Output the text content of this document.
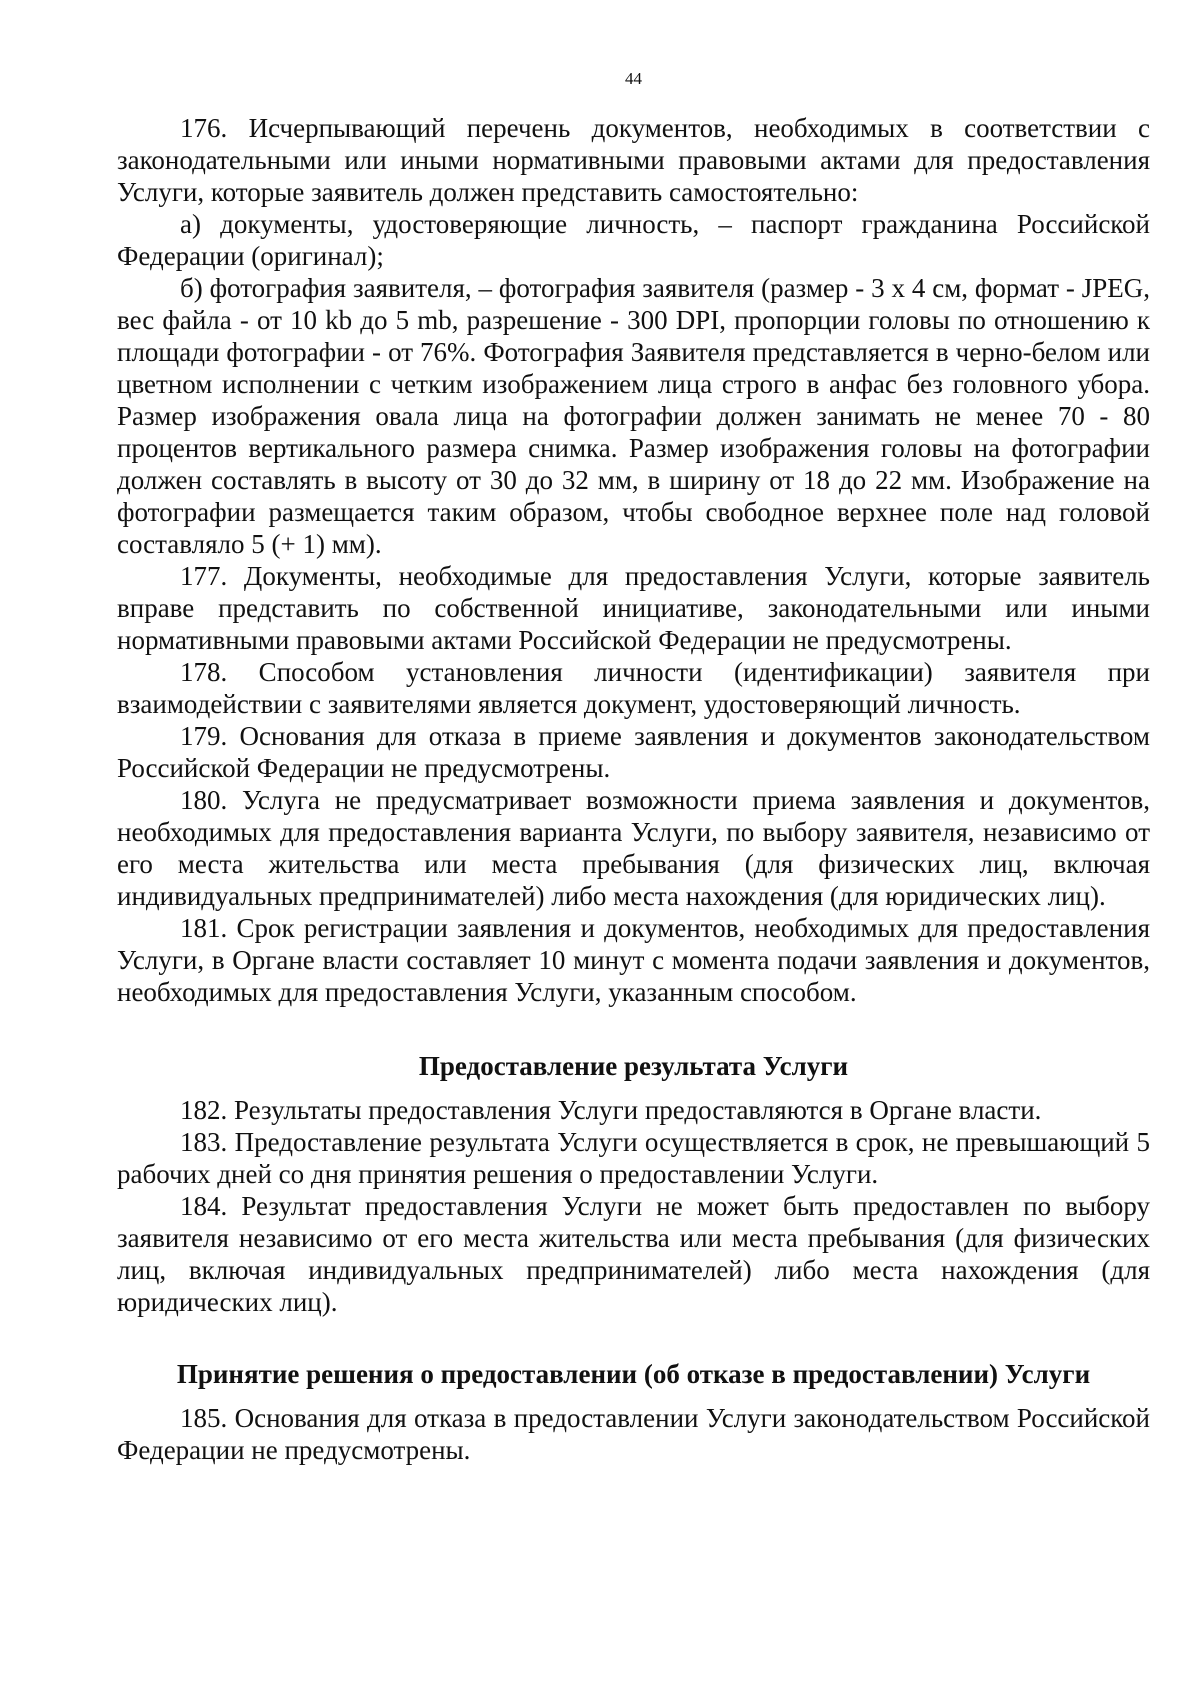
44

176. Исчерпывающий перечень документов, необходимых в соответствии с законодательными или иными нормативными правовыми актами для предоставления Услуги, которые заявитель должен представить самостоятельно:

а) документы, удостоверяющие личность, – паспорт гражданина Российской Федерации (оригинал);

б) фотография заявителя, – фотография заявителя (размер - 3 х 4 см, формат - JPEG, вес файла - от 10 kb до 5 mb, разрешение - 300 DPI, пропорции головы по отношению к площади фотографии - от 76%. Фотография Заявителя представляется в черно-белом или цветном исполнении с четким изображением лица строго в анфас без головного убора. Размер изображения овала лица на фотографии должен занимать не менее 70 - 80 процентов вертикального размера снимка. Размер изображения головы на фотографии должен составлять в высоту от 30 до 32 мм, в ширину от 18 до 22 мм. Изображение на фотографии размещается таким образом, чтобы свободное верхнее поле над головой составляло 5 (+ 1) мм).

177. Документы, необходимые для предоставления Услуги, которые заявитель вправе представить по собственной инициативе, законодательными или иными нормативными правовыми актами Российской Федерации не предусмотрены.

178. Способом установления личности (идентификации) заявителя при взаимодействии с заявителями является документ, удостоверяющий личность.

179. Основания для отказа в приеме заявления и документов законодательством Российской Федерации не предусмотрены.

180. Услуга не предусматривает возможности приема заявления и документов, необходимых для предоставления варианта Услуги, по выбору заявителя, независимо от его места жительства или места пребывания (для физических лиц, включая индивидуальных предпринимателей) либо места нахождения (для юридических лиц).

181. Срок регистрации заявления и документов, необходимых для предоставления Услуги, в Органе власти составляет 10 минут с момента подачи заявления и документов, необходимых для предоставления Услуги, указанным способом.

Предоставление результата Услуги

182. Результаты предоставления Услуги предоставляются в Органе власти.

183. Предоставление результата Услуги осуществляется в срок, не превышающий 5 рабочих дней со дня принятия решения о предоставлении Услуги.

184. Результат предоставления Услуги не может быть предоставлен по выбору заявителя независимо от его места жительства или места пребывания (для физических лиц, включая индивидуальных предпринимателей) либо места нахождения (для юридических лиц).

Принятие решения о предоставлении (об отказе в предоставлении) Услуги

185. Основания для отказа в предоставлении Услуги законодательством Российской Федерации не предусмотрены.
